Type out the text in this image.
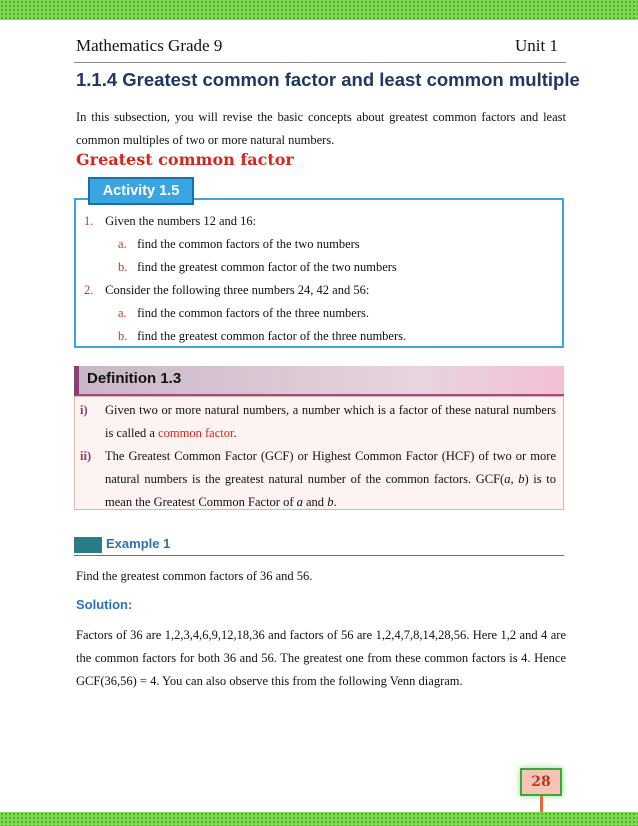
Mathematics Grade 9	Unit 1
1.1.4 Greatest common factor and least common multiple
In this subsection, you will revise the basic concepts about greatest common factors and least common multiples of two or more natural numbers.
Greatest common factor
Activity 1.5
1. Given the numbers 12 and 16:
a. find the common factors of the two numbers
b. find the greatest common factor of the two numbers
2. Consider the following three numbers 24, 42 and 56:
a. find the common factors of the three numbers.
b. find the greatest common factor of the three numbers.
Definition 1.3
i)	Given two or more natural numbers, a number which is a factor of these natural numbers is called a common factor.
ii)	The Greatest Common Factor (GCF) or Highest Common Factor (HCF) of two or more natural numbers is the greatest natural number of the common factors. GCF(a, b) is to mean the Greatest Common Factor of a and b.
Example 1
Find the greatest common factors of 36 and 56.
Solution:
Factors of 36 are 1,2,3,4,6,9,12,18,36 and factors of 56 are 1,2,4,7,8,14,28,56. Here 1,2 and 4 are the common factors for both 36 and 56. The greatest one from these common factors is 4. Hence GCF(36,56) = 4. You can also observe this from the following Venn diagram.
28
